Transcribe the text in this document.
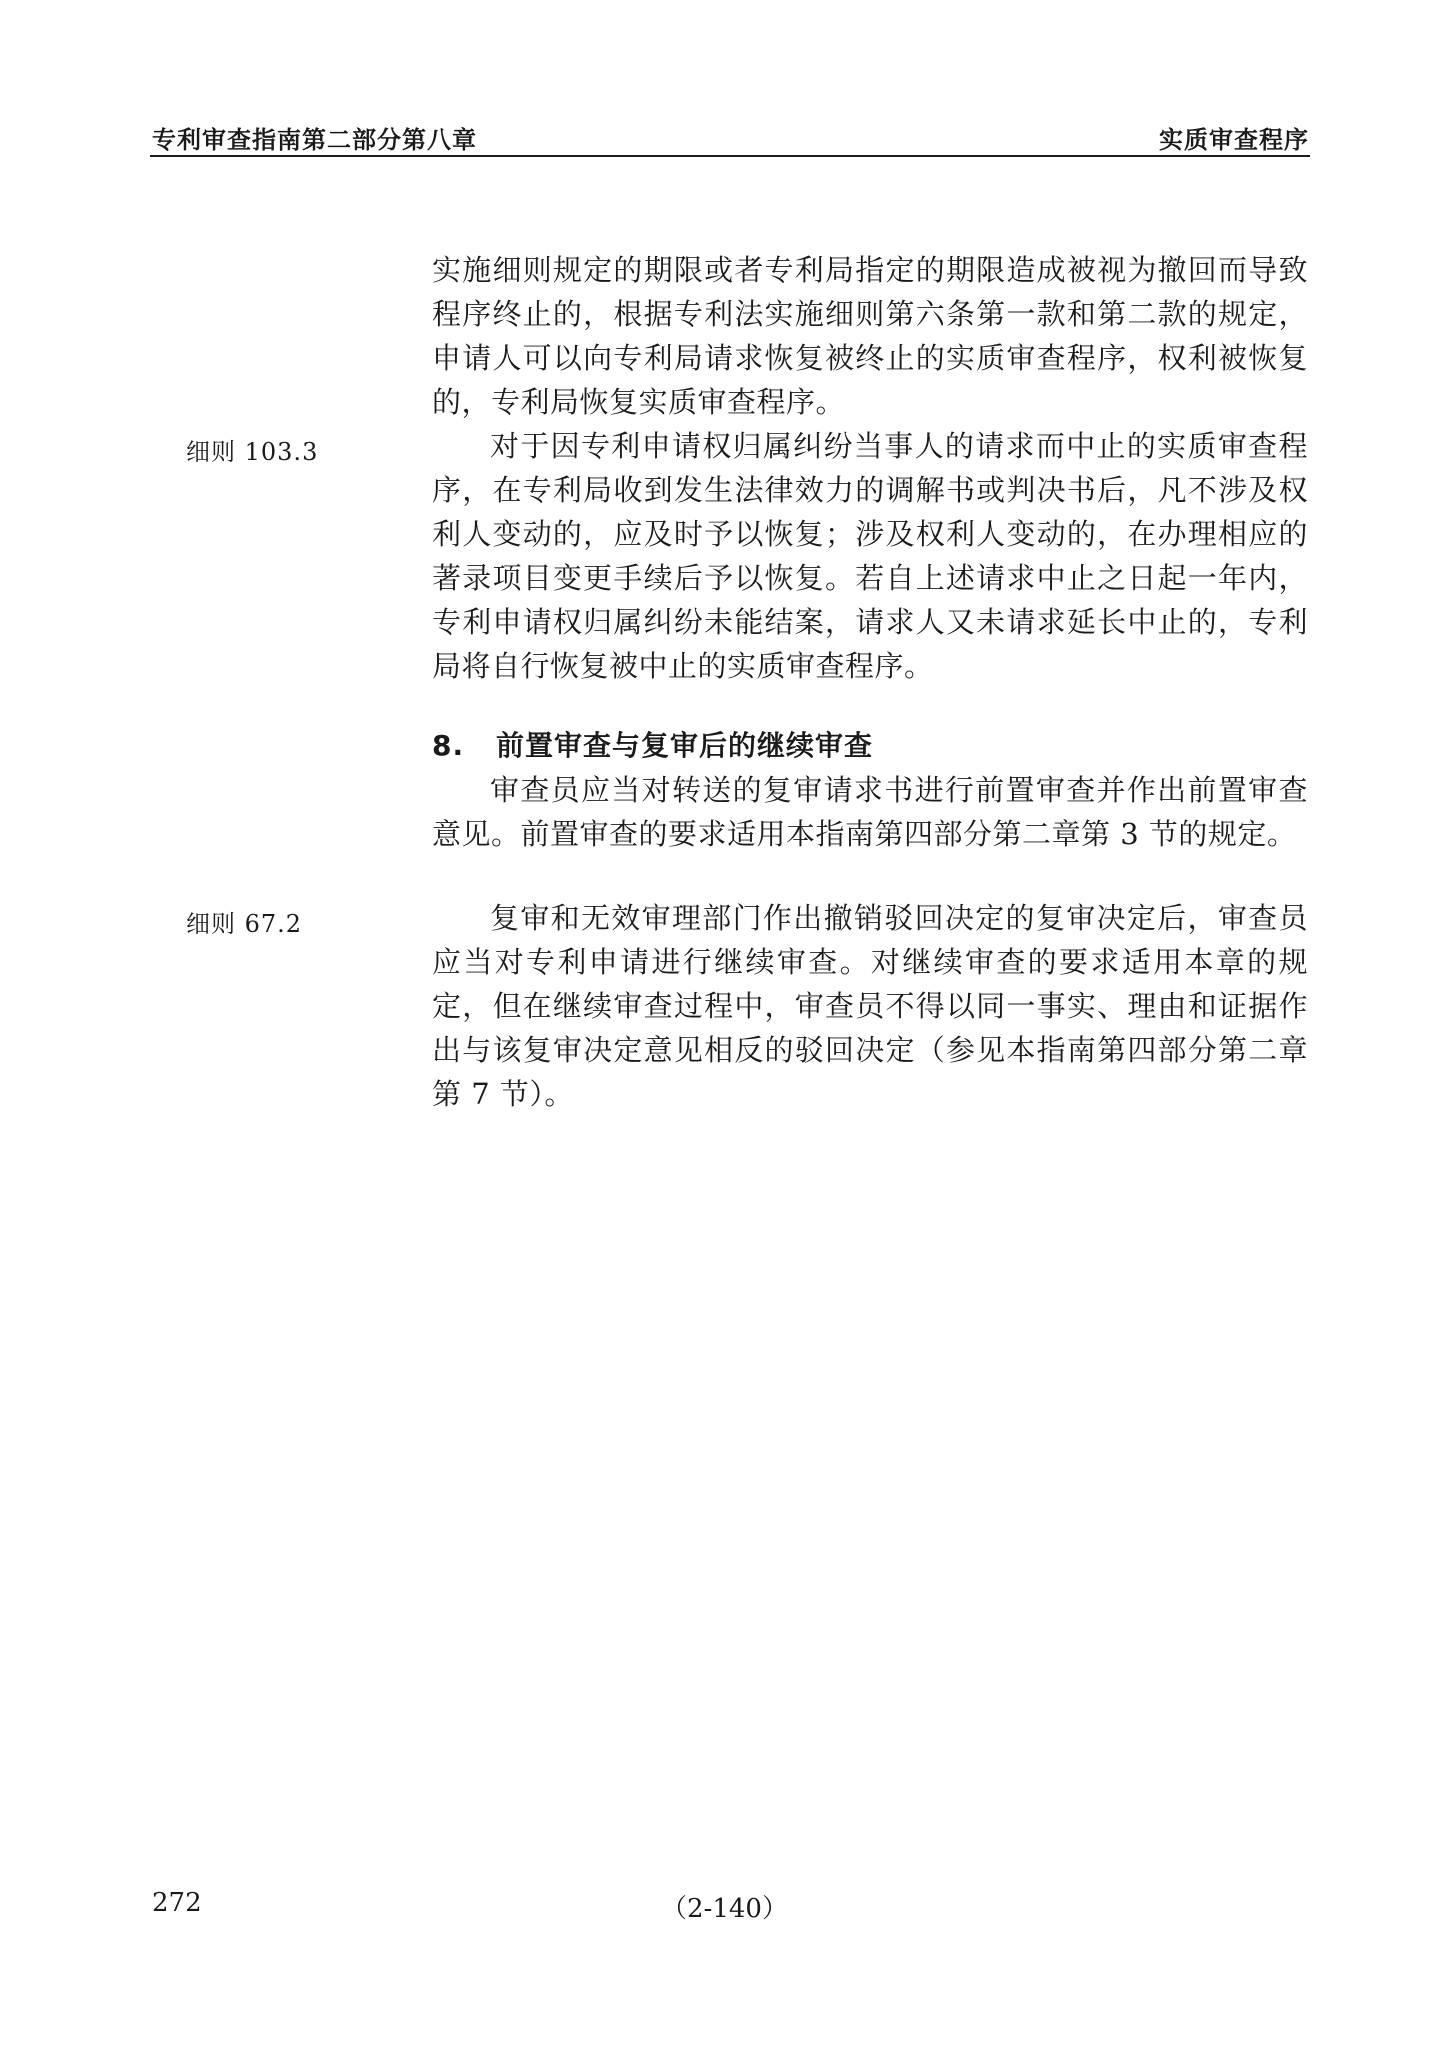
专利审查指南第二部分第八章	实质审查程序

实施细则规定的期限或者专利局指定的期限造成被视为撤回而导致程序终止的，根据专利法实施细则第六条第一款和第二款的规定，申请人可以向专利局请求恢复被终止的实质审查程序，权利被恢复的，专利局恢复实质审查程序。

细则 103.3	对于因专利申请权归属纠纷当事人的请求而中止的实质审查程序，在专利局收到发生法律效力的调解书或判决书后，凡不涉及权利人变动的，应及时予以恢复；涉及权利人变动的，在办理相应的著录项目变更手续后予以恢复。若自上述请求中止之日起一年内，专利申请权归属纠纷未能结案，请求人又未请求延长中止的，专利局将自行恢复被中止的实质审查程序。

8. 前置审查与复审后的继续审查

审查员应当对转送的复审请求书进行前置审查并作出前置审查意见。前置审查的要求适用本指南第四部分第二章第 3 节的规定。

细则 67.2	复审和无效审理部门作出撤销驳回决定的复审决定后，审查员应当对专利申请进行继续审查。对继续审查的要求适用本章的规定，但在继续审查过程中，审查员不得以同一事实、理由和证据作出与该复审决定意见相反的驳回决定（参见本指南第四部分第二章第 7 节）。

272	（2-140）
